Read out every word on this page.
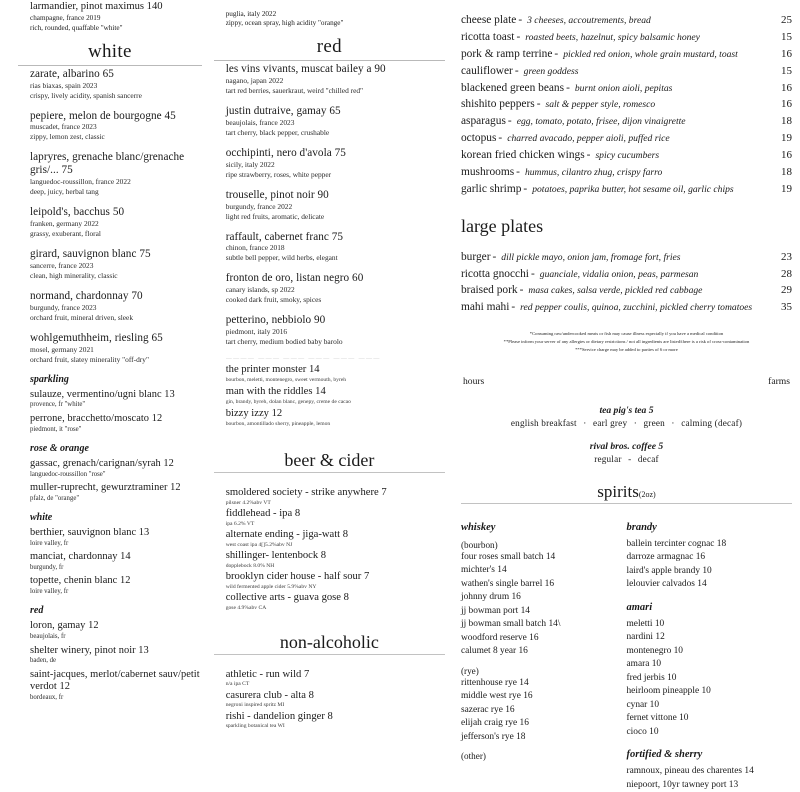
larmandier, pinot maximus 140
champagne, france 2019
rich, rounded, quaffable "white"
white
zarate, albarino 65
rias biaxas, spain 2023
crispy, lively acidity, spanish sancerre
pepiere, melon de bourgogne 45
muscadet, france 2023
zippy, lemon zest, classic
lapryres, grenache blanc/grenache gris/... 75
languedoc-roussillon, france 2022
deep, juicy, herbal tang
leipold's, bacchus 50
franken, germany 2022
grassy, exuberant, floral
girard, sauvignon blanc 75
sancerre, france 2023
clean, high minerality, classic
normand, chardonnay 70
burgundy, france 2023
orchard fruit, mineral driven, sleek
wohlgemuthheim, riesling 65
mosel, germany 2021
orchard fruit, slatey minerality "off-dry"
sparkling
sulauze, vermentino/ugni blanc 13
provence, fr "white"
perrone, bracchetto/moscato 12
piedmont, it "rose"
rose & orange
gassac, grenach/carignan/syrah 12
languedoc-roussillon "rose"
muller-ruprecht, gewurztraminer 12
pfalz, de "orange"
white
berthier, sauvignon blanc 13
loire valley, fr
manciat, chardonnay 14
burgundy, fr
topette, chenin blanc 12
loire valley, fr
red
loron, gamay 12
beaujolais, fr
shelter winery, pinot noir 13
baden, de
saint-jacques, merlot/cabernet sauv/petit verdot 12
bordeaux, fr
puglia, italy 2022
zippy, ocean spray, high acidity "orange"
red
les vins vivants, muscat bailey a 90
nagano, japan 2022
tart red berries, sauerkraut, weird "chilled red"
justin dutraive, gamay 65
beaujolais, france 2023
tart cherry, black pepper, crushable
occhipinti, nero d'avola 75
sicily, italy 2022
ripe strawberry, roses, white pepper
trouselle, pinot noir 90
burgundy, france 2022
light red fruits, aromatic, delicate
raffault, cabernet franc 75
chinon, france 2018
subtle bell pepper, wild herbs, elegant
fronton de oro, listan negro 60
canary islands, sp 2022
cooked dark fruit, smoky, spices
petterino, nebbiolo 90
piedmont, italy 2016
tart cherry, medium bodied baby barolo
———— ——— ——— ——— ——— ———
the printer monster 14
bourbon, meletti, montenegro, sweet vermouth, byreh
man with the riddles 14
gin, brandy, byreh, dolan blanc, genepy, creme de cacao
bizzy izzy 12
bourbon, amontillado sherry, pineapple, lemon
beer & cider
smoldered society - strike anywhere 7
pilsner 4.2%abv VT
fiddlehead - ipa 8
ipa 6.2% VT
alternate ending - jiga-watt 8
west coast ipa 4[]5.2%abv NJ
shillinger- lentenbock 8
dopplebock 8.0% NH
brooklyn cider house - half sour 7
wild fermented apple cider 5.9%abv NY
collective arts - guava gose 8
gose 4.9%abv CA
non-alcoholic
athletic - run wild 7
n/a ipa CT
casurera club - alta 8
negroni inspired spritz MI
rishi - dandelion ginger 8
sparkling botanical tea WI
cheese plate - 3 cheeses, accoutrements, bread	25
ricotta toast - roasted beets, hazelnut, spicy balsamic honey	15
pork & ramp terrine - pickled red onion, whole grain mustard, toast	16
cauliflower - green goddess	15
blackened green beans - burnt onion aioli, pepitas	16
shishito peppers - salt & pepper style, romesco	16
asparagus - egg, tomato, potato, frisee, dijon vinaigrette	18
octopus - charred avacado, pepper aioli, puffed rice	19
korean fried chicken wings - spicy cucumbers	16
mushrooms - hummus, cilantro zhug, crispy farro	18
garlic shrimp - potatoes, paprika butter, hot sesame oil, garlic chips	19
large plates
burger - dill pickle mayo, onion jam, fromage fort, fries	23
ricotta gnocchi - guanciale, vidalia onion, peas, parmesan	28
braised pork - masa cakes, salsa verde, pickled red cabbage	29
mahi mahi - red pepper coulis, quinoa, zucchini, pickled cherry tomatoes	35
*Consuming raw/undercooked meats or fish may cause illness especially if you have a medical condition
**Please inform your server of any allergies or dietary restrictions / not all ingredients are listed/there is a risk of cross-contamination
***Service charge may be added to parties of 6 or more
hours	farms
tea pig's tea 5
english breakfast · earl grey · green · calming (decaf)
rival bros. coffee 5
regular - decaf
spirits(2oz)
whiskey
(bourbon)
four roses small batch 14
michter's 14
wathen's single barrel 16
johnny drum 16
jj bowman port 14
jj bowman small batch 14\
woodford reserve 16
calumet 8 year 16
(rye)
rittenhouse rye 14
middle west rye 16
sazerac rye 16
elijah craig rye 16
jefferson's rye 18
(other)
brandy
ballein tercinter cognac 18
darroze armagnac 16
laird's apple brandy 10
lelouvier calvados 14
amari
meletti 10
nardini 12
montenegro 10
amara 10
fred jerbis 10
heirloom pineapple 10
cynar 10
fernet vittone 10
cioco 10
fortified & sherry
ramnoux, pineau des charentes 14
niepoort, 10yr tawney port 13
